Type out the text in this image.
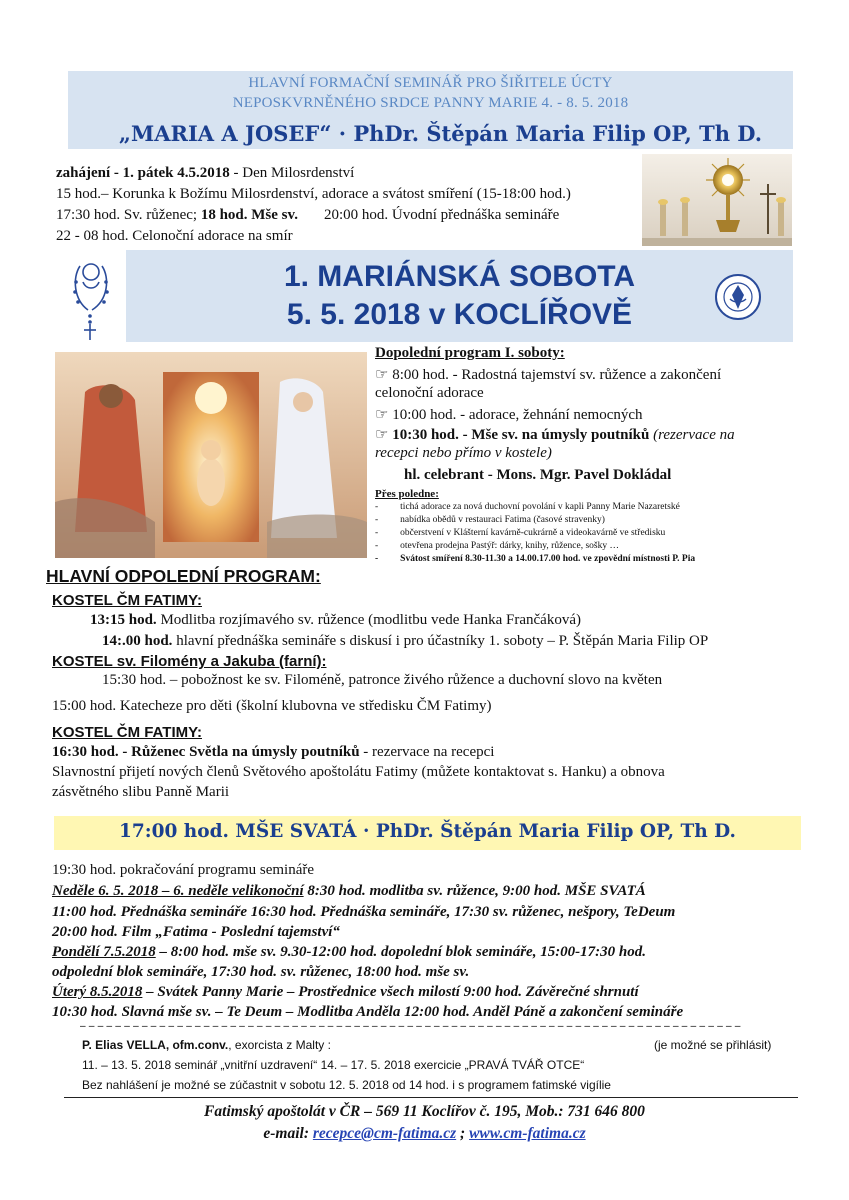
HLAVNÍ FORMAČNÍ SEMINÁŘ PRO ŠIŘITELE ÚCTY
NEPOSKVRNĚNÉHO SRDCE PANNY MARIE 4. - 8. 5. 2018
„MARIA A JOSEF“ · PhDr. Štěpán Maria Filip OP, Th D.
zahájení - 1. pátek 4.5.2018 - Den Milosrdenství
15 hod.– Korunka k Božímu Milosrdenství, adorace a svátost smíření (15-18:00 hod.)
17:30 hod. Sv. růženec; 18 hod. Mše sv. 20:00 hod. Úvodní přednáška semináře
22 - 08 hod. Celonoční adorace na smír
1. MARIÁNSKÁ SOBOTA
5. 5. 2018 v KOCLÍŘOVĚ
Dopolední program I. soboty:
☞ 8:00 hod. - Radostná tajemství sv. růžence a zakončení
celonoční adorace
☞ 10:00 hod. - adorace, žehnání nemocných
☞ 10:30 hod. - Mše sv. na úmysly poutníků (rezervace na
recepci nebo přímo v kostele)
hl. celebrant - Mons. Mgr. Pavel Dokládal
Přes poledne:
- tichá adorace za nová duchovní povolání v kapli Panny Marie Nazaretské
- nabídka obědů v restauraci Fatima (časové stravenky)
- občerstvení v Klášterní kavárně-cukrárně a videokavárně ve středisku
- otevřena prodejna Pastýř: dárky, knihy, růžence, sošky …
- Svátost smíření 8.30-11.30 a 14.00.17.00 hod. ve zpovědní místnosti P. Pia
HLAVNÍ ODPOLEDNÍ PROGRAM:
KOSTEL ČM FATIMY:
13:15 hod. Modlitba rozjímavého sv. růžence (modlitbu vede Hanka Frančáková)
14:.00 hod. hlavní přednáška semináře s diskusí i pro účastníky 1. soboty – P. Štěpán Maria Filip OP
KOSTEL sv. Filomény a Jakuba (farní):
15:30 hod. – pobožnost ke sv. Filoméně, patronce živého růžence a duchovní slovo na květen
15:00 hod. Katecheze pro děti (školní klubovna ve středisku ČM Fatimy)
KOSTEL ČM FATIMY:
16:30 hod. - Růženec Světla na úmysly poutníků - rezervace na recepci
Slavnostní přijetí nových členů Světového apoštolátu Fatimy (můžete kontaktovat s. Hanku) a obnova
zásvětného slibu Panně Marii
17:00 hod. MŠE SVATÁ · PhDr. Štěpán Maria Filip OP, Th D.
19:30 hod. pokračování programu semináře
Neděle 6. 5. 2018 – 6. neděle velikonoční 8:30 hod. modlitba sv. růžence, 9:00 hod. MŠE SVATÁ
11:00 hod. Přednáška semináře 16:30 hod. Přednáška semináře, 17:30 sv. růženec, nešpory, TeDeum
20:00 hod. Film „Fatima - Poslední tajemství“
Pondělí 7.5.2018 – 8:00 hod. mše sv. 9.30-12:00 hod. dopolední blok semináře, 15:00-17:30 hod.
odpolední blok semináře, 17:30 hod. sv. růženec, 18:00 hod. mše sv.
Úterý 8.5.2018 – Svátek Panny Marie – Prostřednice všech milostí 9:00 hod. Závěrečné shrnutí
10:30 hod. Slavná mše sv. – Te Deum – Modlitba Anděla 12:00 hod. Anděl Páně a zakončení semináře
– – – – – – – – – – – – – – – – – – – – – – – – – – – – – – – – – – – – – – – – – – – – – – – – – – – – – – – – – – – – – – – – – – – – – – – – – – –
P. Elias VELLA, ofm.conv., exorcista z Malty :	(je možné se přihlásit)
11. – 13. 5. 2018 seminář „vnitřní uzdravení“ 14. – 17. 5. 2018 exercicie „PRAVÁ TVÁŘ OTCE“
Bez nahlášení je možné se zúčastnit v sobotu 12. 5. 2018 od 14 hod. i s programem fatimské vigílie
Fatimský apoštolát v ČR – 569 11 Koclířov č. 195, Mob.: 731 646 800
e-mail: recepce@cm-fatima.cz ; www.cm-fatima.cz
